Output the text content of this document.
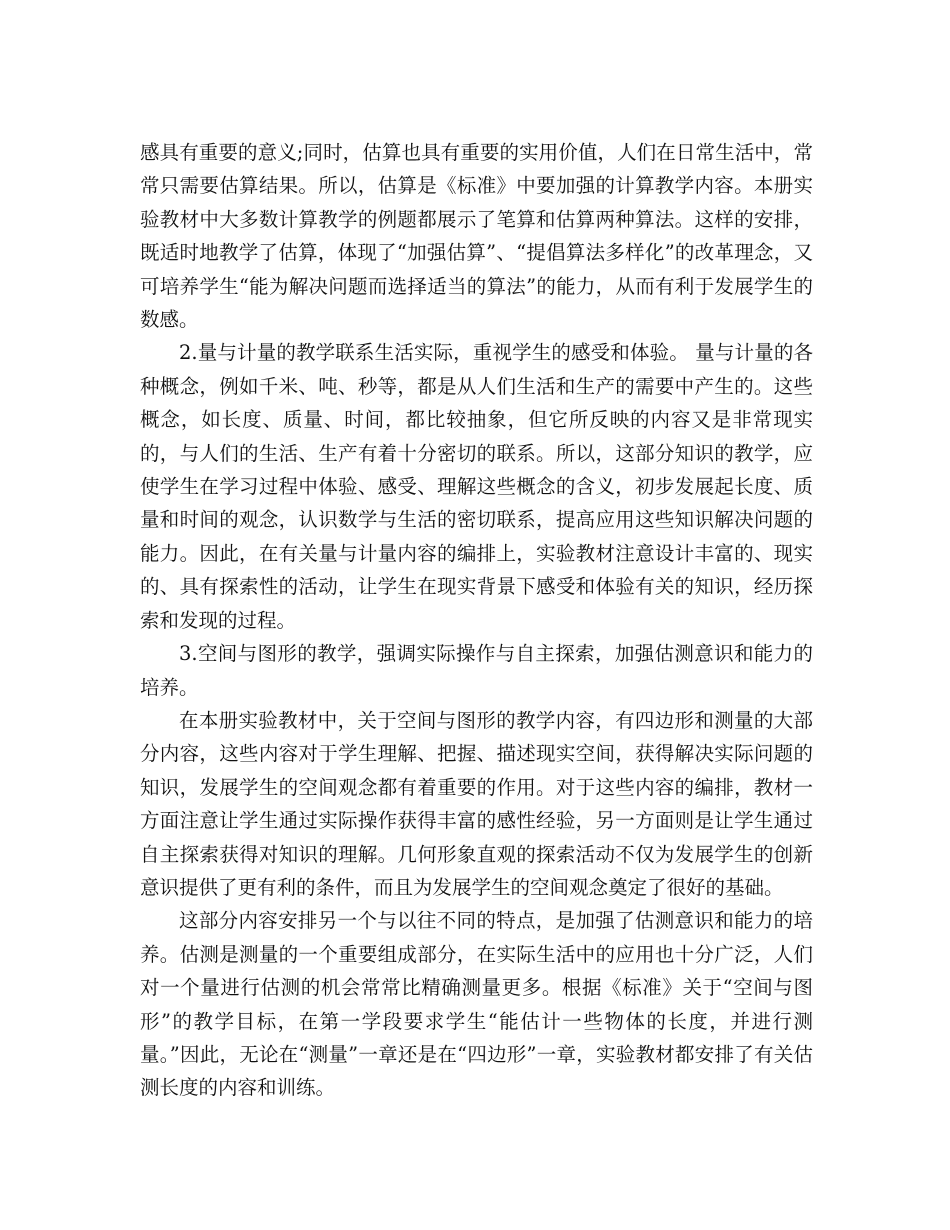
感具有重要的意义;同时，估算也具有重要的实用价值，人们在日常生活中，常常只需要估算结果。所以，估算是《标准》中要加强的计算教学内容。本册实验教材中大多数计算教学的例题都展示了笔算和估算两种算法。这样的安排，既适时地教学了估算，体现了“加强估算”、“提倡算法多样化”的改革理念，又可培养学生“能为解决问题而选择适当的算法”的能力，从而有利于发展学生的数感。

2.量与计量的教学联系生活实际，重视学生的感受和体验。 量与计量的各种概念，例如千米、吨、秒等，都是从人们生活和生产的需要中产生的。这些概念，如长度、质量、时间，都比较抽象，但它所反映的内容又是非常现实的，与人们的生活、生产有着十分密切的联系。所以，这部分知识的教学，应使学生在学习过程中体验、感受、理解这些概念的含义，初步发展起长度、质量和时间的观念，认识数学与生活的密切联系，提高应用这些知识解决问题的能力。因此，在有关量与计量内容的编排上，实验教材注意设计丰富的、现实的、具有探索性的活动，让学生在现实背景下感受和体验有关的知识，经历探索和发现的过程。

3.空间与图形的教学，强调实际操作与自主探索，加强估测意识和能力的培养。

在本册实验教材中，关于空间与图形的教学内容，有四边形和测量的大部分内容，这些内容对于学生理解、把握、描述现实空间，获得解决实际问题的知识，发展学生的空间观念都有着重要的作用。对于这些内容的编排，教材一方面注意让学生通过实际操作获得丰富的感性经验，另一方面则是让学生通过自主探索获得对知识的理解。几何形象直观的探索活动不仅为发展学生的创新意识提供了更有利的条件，而且为发展学生的空间观念奠定了很好的基础。

这部分内容安排另一个与以往不同的特点，是加强了估测意识和能力的培养。估测是测量的一个重要组成部分，在实际生活中的应用也十分广泛，人们对一个量进行估测的机会常常比精确测量更多。根据《标准》关于“空间与图形”的教学目标，在第一学段要求学生“能估计一些物体的长度，并进行测量。”因此，无论在“测量”一章还是在“四边形”一章，实验教材都安排了有关估测长度的内容和训练。
